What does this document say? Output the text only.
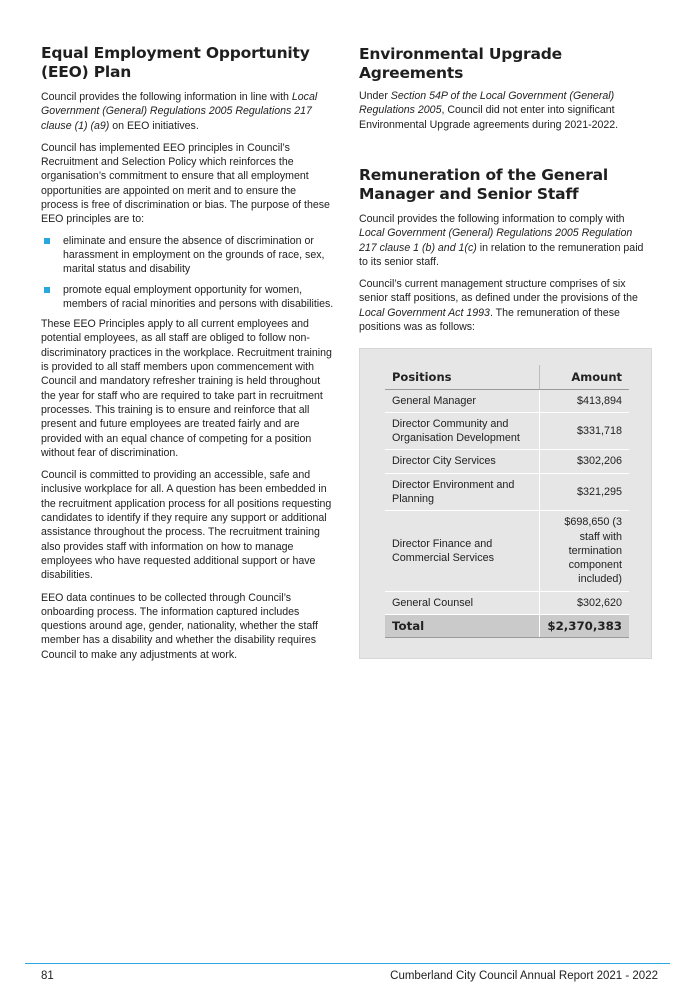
Equal Employment Opportunity (EEO) Plan

Council provides the following information in line with Local Government (General) Regulations 2005 Regulations 217 clause (1) (a9) on EEO initiatives.

Council has implemented EEO principles in Council’s Recruitment and Selection Policy which reinforces the organisation’s commitment to ensure that all employment opportunities are appointed on merit and to ensure the process is free of discrimination or bias. The purpose of these EEO principles are to:

eliminate and ensure the absence of discrimination or harassment in employment on the grounds of race, sex, marital status and disability
promote equal employment opportunity for women, members of racial minorities and persons with disabilities.

These EEO Principles apply to all current employees and potential employees, as all staff are obliged to follow non-discriminatory practices in the workplace. Recruitment training is provided to all staff members upon commencement with Council and mandatory refresher training is held throughout the year for staff who are required to take part in recruitment processes. This training is to ensure and reinforce that all present and future employees are treated fairly and are provided with an equal chance of competing for a position without fear of discrimination.

Council is committed to providing an accessible, safe and inclusive workplace for all. A question has been embedded in the recruitment application process for all positions requesting candidates to identify if they require any support or additional assistance throughout the process. The recruitment training also provides staff with information on how to manage employees who have requested additional support or have disabilities.

EEO data continues to be collected through Council’s onboarding process. The information captured includes questions around age, gender, nationality, whether the staff member has a disability and whether the disability requires Council to make any adjustments at work.

Environmental Upgrade Agreements

Under Section 54P of the Local Government (General) Regulations 2005, Council did not enter into significant Environmental Upgrade agreements during 2021-2022.

Remuneration of the General Manager and Senior Staff

Council provides the following information to comply with Local Government (General) Regulations 2005 Regulation 217 clause 1 (b) and 1(c) in relation to the remuneration paid to its senior staff.

Council’s current management structure comprises of six senior staff positions, as defined under the provisions of the Local Government Act 1993. The remuneration of these positions was as follows:

Positions	Amount
General Manager	$413,894
Director Community and Organisation Development	$331,718
Director City Services	$302,206
Director Environment and Planning	$321,295
Director Finance and Commercial Services	$698,650 (3 staff with termination component included)
General Counsel	$302,620
Total	$2,370,383
81	Cumberland City Council Annual Report 2021 - 2022
